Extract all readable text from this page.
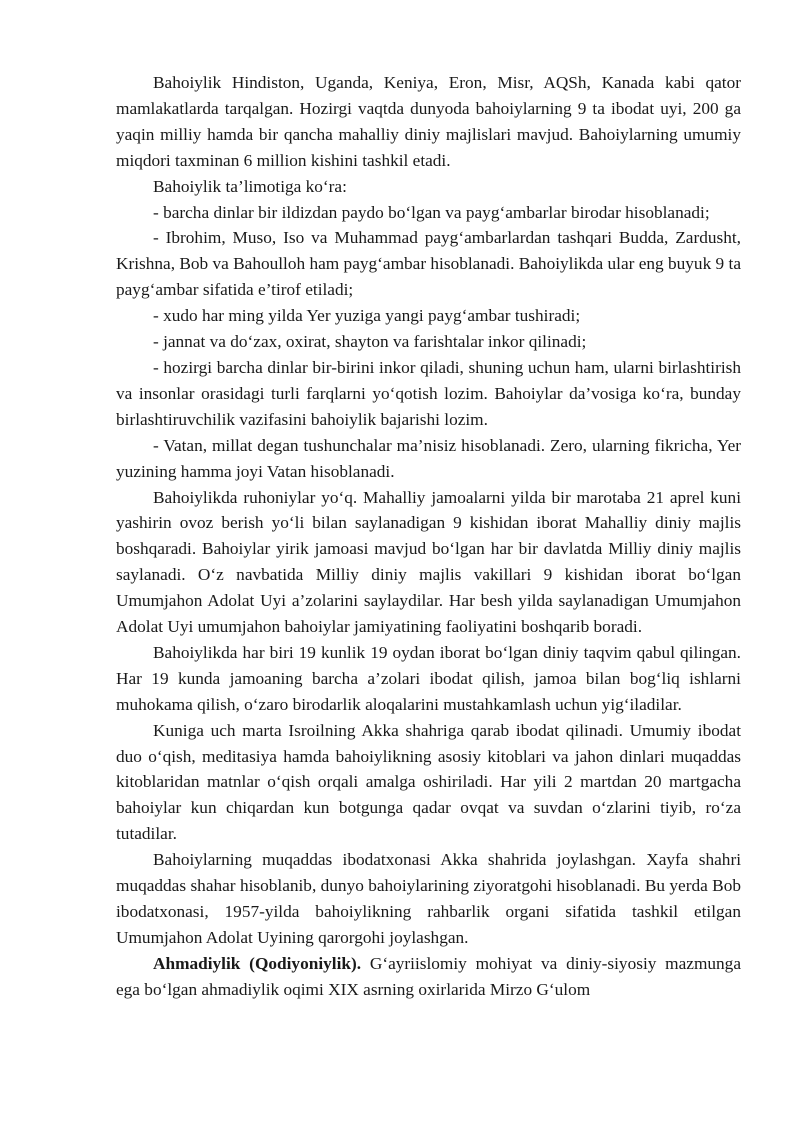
Bahoiylik Hindiston, Uganda, Keniya, Eron, Misr, AQSh, Kanada kabi qator mamlakatlarda tarqalgan. Hozirgi vaqtda dunyoda bahoiylarning 9 ta ibodat uyi, 200 ga yaqin milliy hamda bir qancha mahalliy diniy majlislari mavjud. Bahoiylarning umumiy miqdori taxminan 6 million kishini tashkil etadi.

Bahoiylik ta’limotiga ko‘ra:

- barcha dinlar bir ildizdan paydo bo‘lgan va payg‘ambarlar birodar hisoblanadi;

- Ibrohim, Muso, Iso va Muhammad payg‘ambarlardan tashqari Budda, Zardusht, Krishna, Bob va Bahoulloh ham payg‘ambar hisoblanadi. Bahoiylikda ular eng buyuk 9 ta payg‘ambar sifatida e’tirof etiladi;

- xudo har ming yilda Yer yuziga yangi payg‘ambar tushiradi;

- jannat va do‘zax, oxirat, shayton va farishtalar inkor qilinadi;

- hozirgi barcha dinlar bir-birini inkor qiladi, shuning uchun ham, ularni birlashtirish va insonlar orasidagi turli farqlarni yo‘qotish lozim. Bahoiylar da’vosiga ko‘ra, bunday birlashtiruvchilik vazifasini bahoiylik bajarishi lozim.

- Vatan, millat degan tushunchalar ma’nisiz hisoblanadi. Zero, ularning fikricha, Yer yuzining hamma joyi Vatan hisoblanadi.

Bahoiylikda ruhoniylar yo‘q. Mahalliy jamoalarni yilda bir marotaba 21 aprel kuni yashirin ovoz berish yo‘li bilan saylanadigan 9 kishidan iborat Mahalliy diniy majlis boshqaradi. Bahoiylar yirik jamoasi mavjud bo‘lgan har bir davlatda Milliy diniy majlis saylanadi. O‘z navbatida Milliy diniy majlis vakillari 9 kishidan iborat bo‘lgan Umumjahon Adolat Uyi a’zolarini saylaydilar. Har besh yilda saylanadigan Umumjahon Adolat Uyi umumjahon bahoiylar jamiyatining faoliyatini boshqarib boradi.

Bahoiylikda har biri 19 kunlik 19 oydan iborat bo‘lgan diniy taqvim qabul qilingan. Har 19 kunda jamoaning barcha a’zolari ibodat qilish, jamoa bilan bog‘liq ishlarni muhokama qilish, o‘zaro birodarlik aloqalarini mustahkamlash uchun yig‘iladilar.

Kuniga uch marta Isroilning Akka shahriga qarab ibodat qilinadi. Umumiy ibodat duo o‘qish, meditasiya hamda bahoiylikning asosiy kitoblari va jahon dinlari muqaddas kitoblaridan matnlar o‘qish orqali amalga oshiriladi. Har yili 2 martdan 20 martgacha bahoiylar kun chiqardan kun botgunga qadar ovqat va suvdan o‘zlarini tiyib, ro‘za tutadilar.

Bahoiylarning muqaddas ibodatxonasi Akka shahrida joylashgan. Xayfa shahri muqaddas shahar hisoblanib, dunyo bahoiylarining ziyoratgohi hisoblanadi. Bu yerda Bob ibodatxonasi, 1957-yilda bahoiylikning rahbarlik organi sifatida tashkil etilgan Umumjahon Adolat Uyining qarorgohi joylashgan.

Ahmadiylik (Qodiyoniylik). G‘ayriislomiy mohiyat va diniy-siyosiy mazmunga ega bo‘lgan ahmadiylik oqimi XIX asrning oxirlarida Mirzo G‘ulom
